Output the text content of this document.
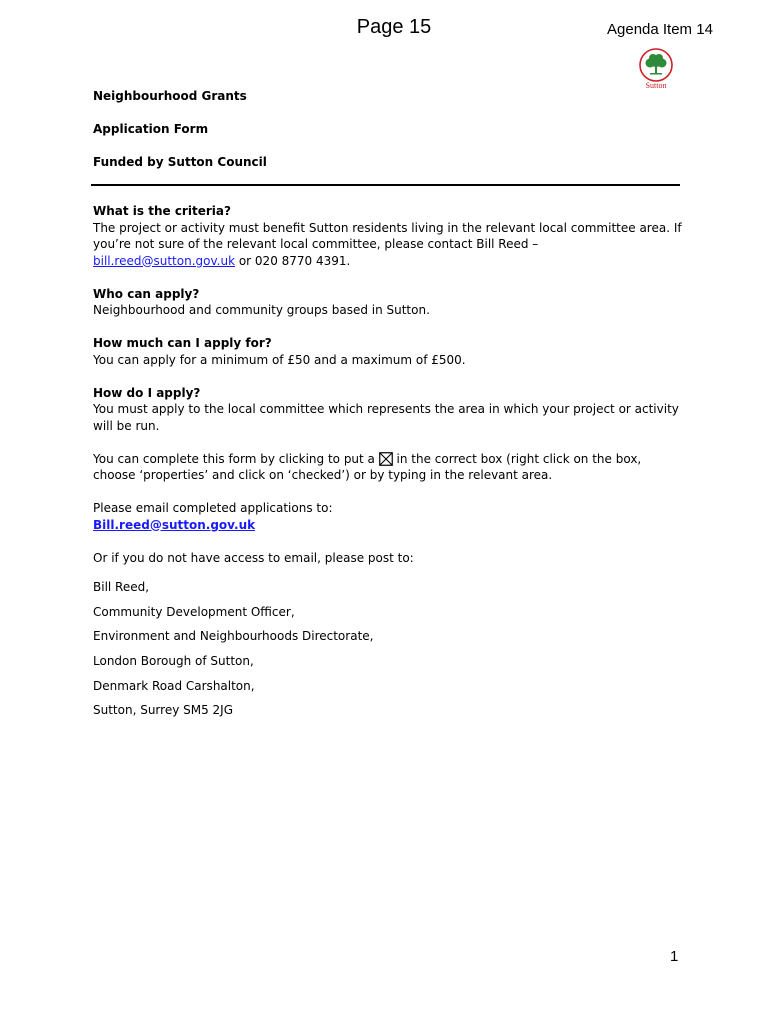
Page 15	Agenda Item 14
Sutton
Neighbourhood Grants
Application Form
Funded by Sutton Council

What is the criteria?
The project or activity must benefit Sutton residents living in the relevant local committee area. If you’re not sure of the relevant local committee, please contact Bill Reed – bill.reed@sutton.gov.uk or 020 8770 4391.

Who can apply?
Neighbourhood and community groups based in Sutton.

How much can I apply for?
You can apply for a minimum of £50 and a maximum of £500.

How do I apply?
You must apply to the local committee which represents the area in which your project or activity will be run.

You can complete this form by clicking to put a  in the correct box (right click on the box, choose ‘properties’ and click on ‘checked’) or by typing in the relevant area.

Please email completed applications to:
Bill.reed@sutton.gov.uk

Or if you do not have access to email, please post to:

Bill Reed,
Community Development Officer,
Environment and Neighbourhoods Directorate,
London Borough of Sutton,
Denmark Road Carshalton,
Sutton, Surrey SM5 2JG
1
